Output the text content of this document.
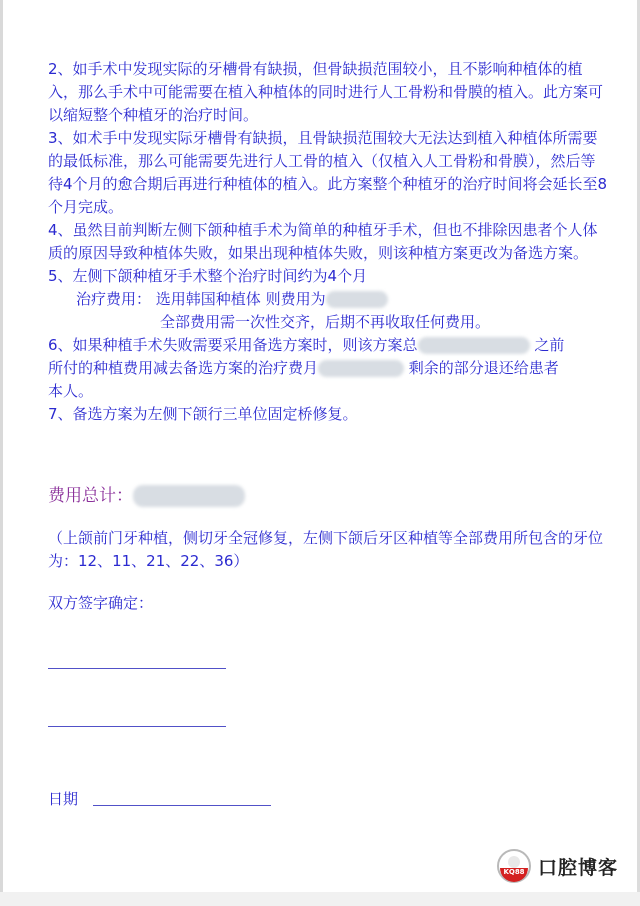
2、如手术中发现实际的牙槽骨有缺损，但骨缺损范围较小，且不影响种植体的植入，那么手术中可能需要在植入种植体的同时进行人工骨粉和骨膜的植入。此方案可以缩短整个种植牙的治疗时间。

3、如术手中发现实际牙槽骨有缺损，且骨缺损范围较大无法达到植入种植体所需要的最低标准，那么可能需要先进行人工骨的植入（仅植入人工骨粉和骨膜），然后等待4个月的愈合期后再进行种植体的植入。此方案整个种植牙的治疗时间将会延长至8个月完成。

4、虽然目前判断左侧下颌种植手术为简单的种植牙手术，但也不排除因患者个人体质的原因导致种植体失败，如果出现种植体失败，则该种植方案更改为备选方案。

5、左侧下颌种植牙手术整个治疗时间约为4个月

治疗费用： 选用韩国种植体 则费用为

全部费用需一次性交齐，后期不再收取任何费用。

6、如果种植手术失败需要采用备选方案时，则该方案总	之前
所付的种植费用减去备选方案的治疗费月	剩余的部分退还给患者
本人。

7、备选方案为左侧下颌行三单位固定桥修复。

费用总计：
（上颌前门牙种植，侧切牙全冠修复，左侧下颌后牙区种植等全部费用所包含的牙位为：12、11、21、22、36）
双方签字确定：
日期
KQ88 口腔博客
